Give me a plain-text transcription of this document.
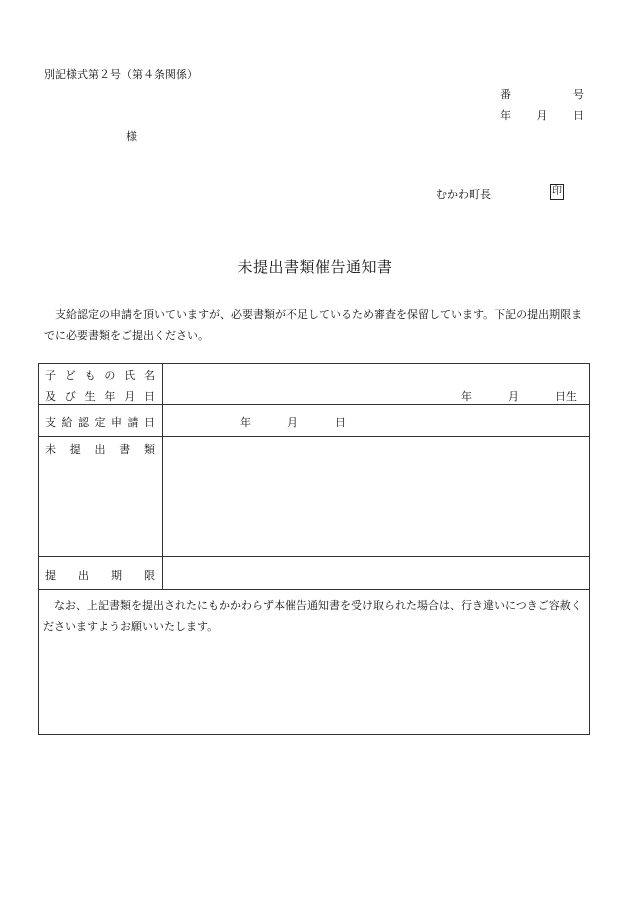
別記様式第２号（第４条関係）
番	号
年 月 日
様
むかわ町長	印
未提出書類催告通知書
支給認定の申請を頂いていますが、必要書類が不足しているため審査を保留しています。下記の提出期限までに必要書類をご提出ください。
子 ど も の 氏 名
及 び 生 年 月 日	年	月	日生
支 給 認 定 申 請 日	年	月	日
未 提 出 書 類
提 出 期 限
なお、上記書類を提出されたにもかかわらず本催告通知書を受け取られた場合は、行き違いにつきご容赦くださいますようお願いいたします。
